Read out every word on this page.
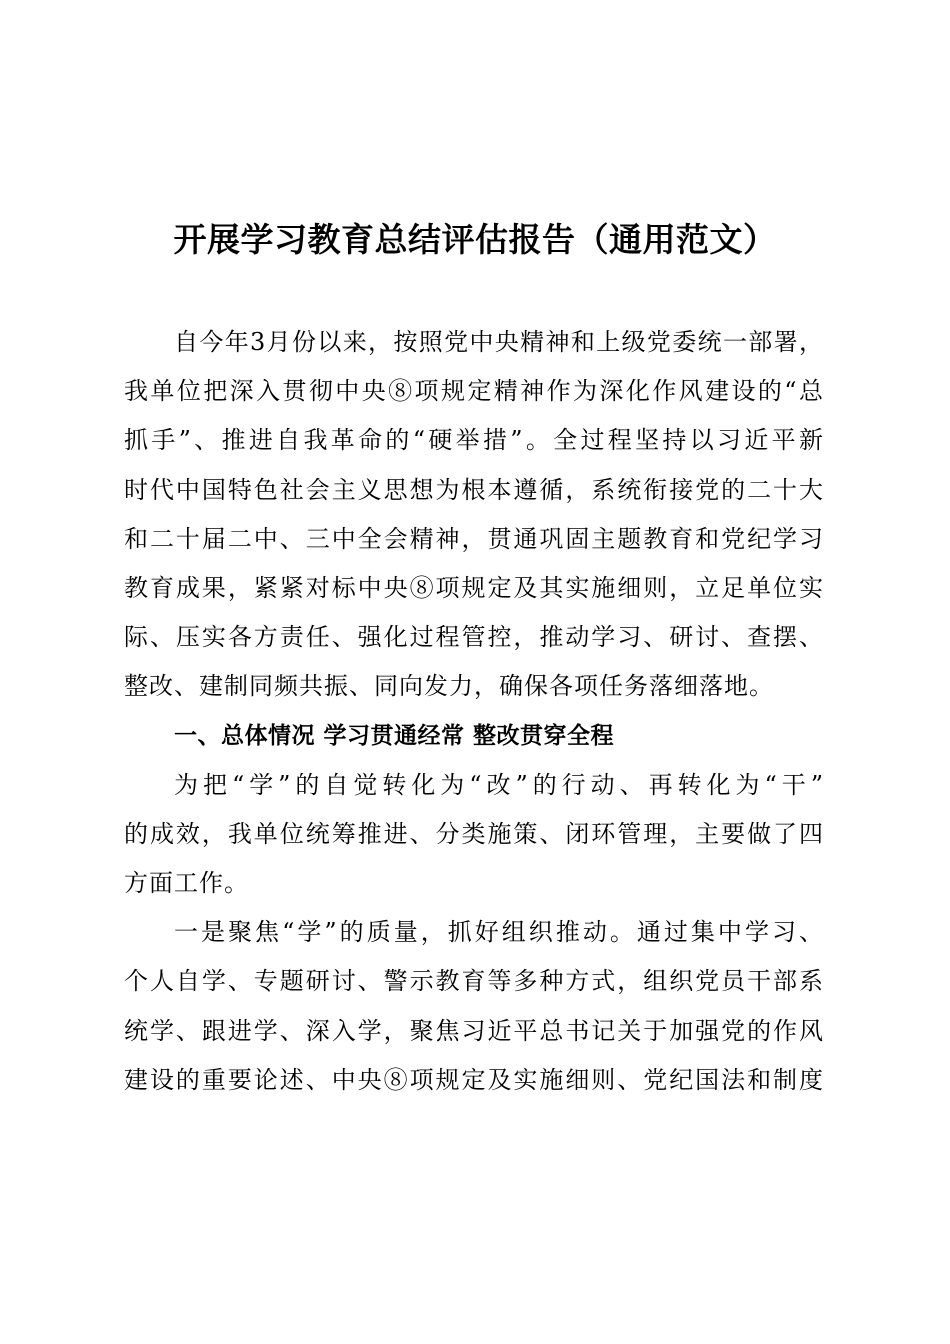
开展学习教育总结评估报告（通用范文）
自今年3月份以来，按照党中央精神和上级党委统一部署，
我单位把深入贯彻中央⑧项规定精神作为深化作风建设的“总
抓手”、推进自我革命的“硬举措”。全过程坚持以习近平新
时代中国特色社会主义思想为根本遵循，系统衔接党的二十大
和二十届二中、三中全会精神，贯通巩固主题教育和党纪学习
教育成果，紧紧对标中央⑧项规定及其实施细则，立足单位实
际、压实各方责任、强化过程管控，推动学习、研讨、查摆、
整改、建制同频共振、同向发力，确保各项任务落细落地。
一、总体情况 学习贯通经常 整改贯穿全程
为把“学”的自觉转化为“改”的行动、再转化为“干”
的成效，我单位统筹推进、分类施策、闭环管理，主要做了四
方面工作。
一是聚焦“学”的质量，抓好组织推动。通过集中学习、
个人自学、专题研讨、警示教育等多种方式，组织党员干部系
统学、跟进学、深入学，聚焦习近平总书记关于加强党的作风
建设的重要论述、中央⑧项规定及实施细则、党纪国法和制度
